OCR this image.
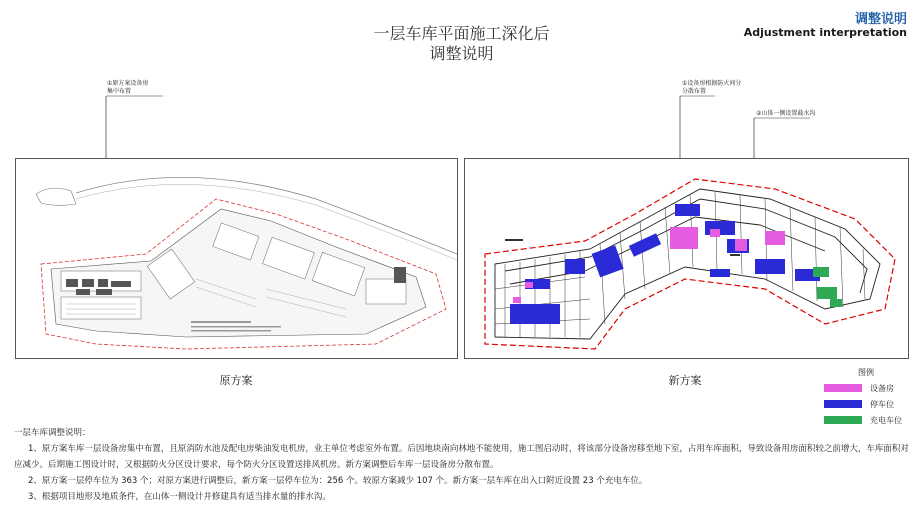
调整说明
Adjustment interpretation
一层车库平面施工深化后
调整说明
①原方案设备房
集中布置
①设备房根据防火间分
分散布置
②山体一侧设置截水沟
原方案	新方案
图例
设备房
停车位
充电车位
一层车库调整说明：
1、原方案车库一层设备房集中布置，且原消防水池及配电房柴油发电机房，业主单位考虑室外布置。后因地块南向林地不能使用，施工图启动时，将该部分设备房移至地下室，占用车库面积，导致设备用房面积较之前增大，车库面积对应减少。后期施工图设计时，又根据防火分区设计要求，每个防火分区设置送排风机房。新方案调整后车库一层设备房分散布置。
2、原方案一层停车位为 363 个；对原方案进行调整后，新方案一层停车位为：256 个。较原方案减少 107 个。新方案一层车库在出入口附近设置 23 个充电车位。
3、根据项目地形及地质条件，在山体一侧设计并修建具有适当排水量的排水沟。
